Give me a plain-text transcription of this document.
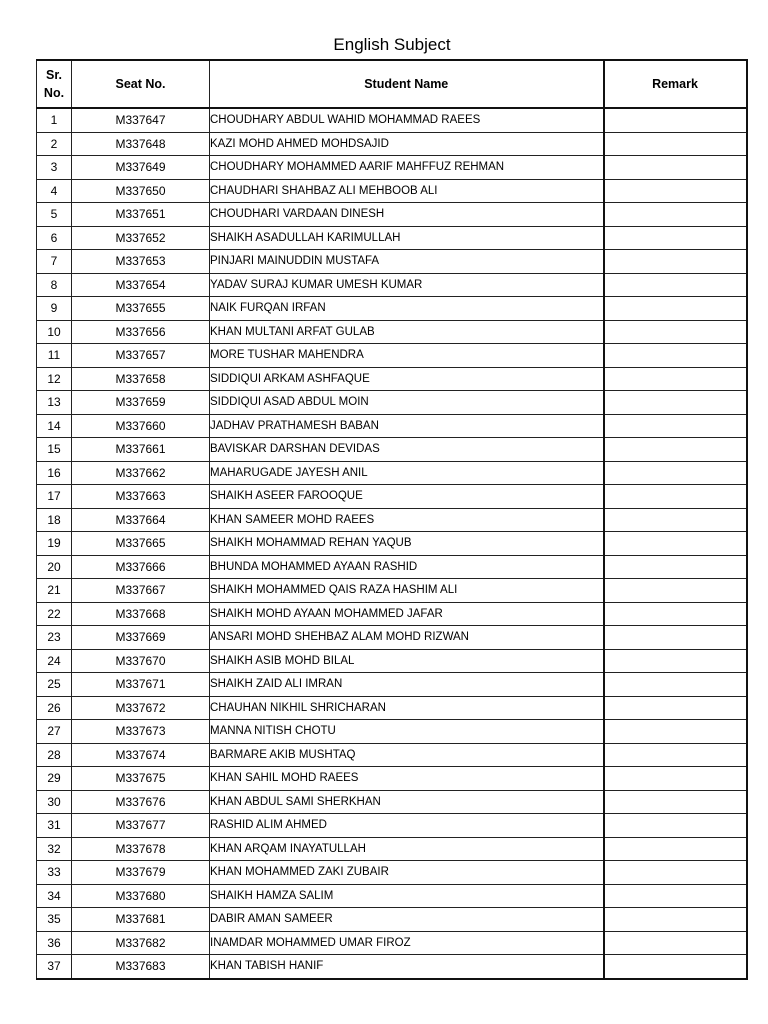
English Subject
Sr.
No.	Seat No.	Student Name	Remark
1	M337647	CHOUDHARY ABDUL WAHID MOHAMMAD RAEES	
2	M337648	KAZI MOHD AHMED MOHDSAJID	
3	M337649	CHOUDHARY MOHAMMED AARIF MAHFFUZ REHMAN	
4	M337650	CHAUDHARI SHAHBAZ ALI MEHBOOB ALI	
5	M337651	CHOUDHARI VARDAAN DINESH	
6	M337652	SHAIKH ASADULLAH KARIMULLAH	
7	M337653	PINJARI MAINUDDIN MUSTAFA	
8	M337654	YADAV SURAJ KUMAR UMESH KUMAR	
9	M337655	NAIK FURQAN IRFAN	
10	M337656	KHAN MULTANI ARFAT GULAB	
11	M337657	MORE TUSHAR MAHENDRA	
12	M337658	SIDDIQUI ARKAM ASHFAQUE	
13	M337659	SIDDIQUI ASAD ABDUL MOIN	
14	M337660	JADHAV PRATHAMESH BABAN	
15	M337661	BAVISKAR DARSHAN DEVIDAS	
16	M337662	MAHARUGADE JAYESH ANIL	
17	M337663	SHAIKH ASEER FAROOQUE	
18	M337664	KHAN SAMEER MOHD RAEES	
19	M337665	SHAIKH MOHAMMAD REHAN YAQUB	
20	M337666	BHUNDA MOHAMMED AYAAN RASHID	
21	M337667	SHAIKH MOHAMMED QAIS RAZA HASHIM ALI	
22	M337668	SHAIKH MOHD AYAAN MOHAMMED JAFAR	
23	M337669	ANSARI MOHD SHEHBAZ ALAM MOHD RIZWAN	
24	M337670	SHAIKH ASIB MOHD BILAL	
25	M337671	SHAIKH ZAID ALI IMRAN	
26	M337672	CHAUHAN NIKHIL SHRICHARAN	
27	M337673	MANNA NITISH CHOTU	
28	M337674	BARMARE AKIB MUSHTAQ	
29	M337675	KHAN SAHIL MOHD RAEES	
30	M337676	KHAN ABDUL SAMI SHERKHAN	
31	M337677	RASHID ALIM AHMED	
32	M337678	KHAN ARQAM INAYATULLAH	
33	M337679	KHAN MOHAMMED ZAKI ZUBAIR	
34	M337680	SHAIKH HAMZA SALIM	
35	M337681	DABIR AMAN SAMEER	
36	M337682	INAMDAR MOHAMMED UMAR FIROZ	
37	M337683	KHAN TABISH HANIF	
